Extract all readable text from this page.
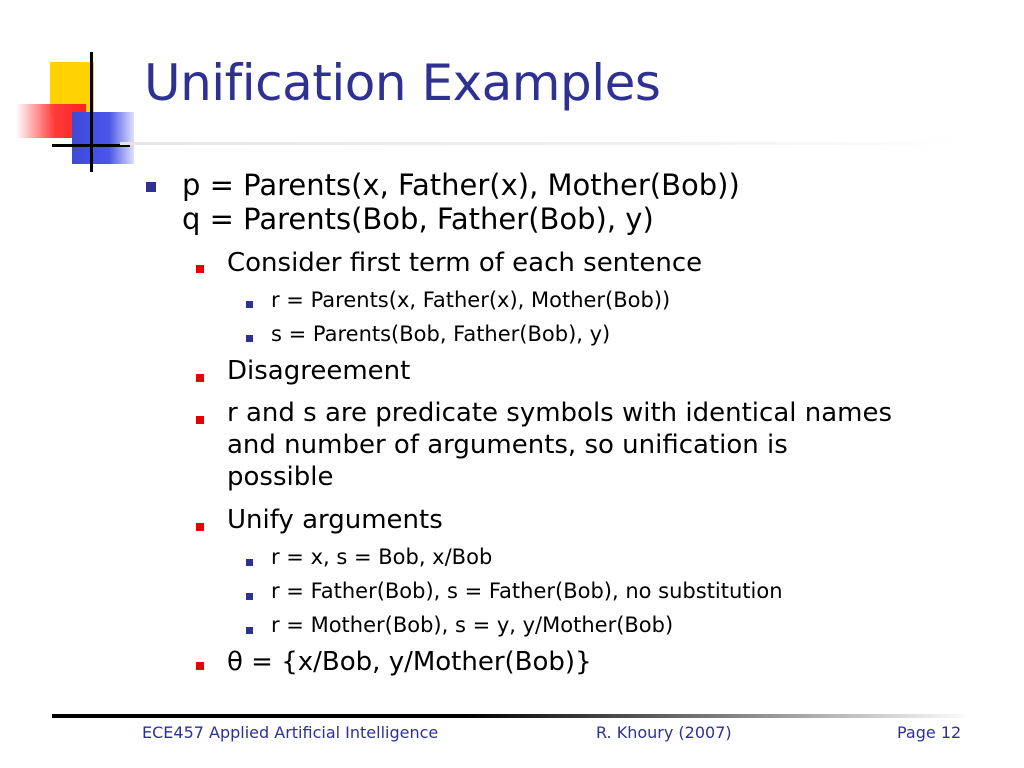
Unification Examples
p = Parents(x, Father(x), Mother(Bob))
q = Parents(Bob, Father(Bob), y)
Consider first term of each sentence
r = Parents(x, Father(x), Mother(Bob))
s = Parents(Bob, Father(Bob), y)
Disagreement
r and s are predicate symbols with identical names
and number of arguments, so unification is
possible
Unify arguments
r = x, s = Bob, x/Bob
r = Father(Bob), s = Father(Bob), no substitution
r = Mother(Bob), s = y, y/Mother(Bob)
θ = {x/Bob, y/Mother(Bob)}
ECE457 Applied Artificial Intelligence	R. Khoury (2007)	Page 12
